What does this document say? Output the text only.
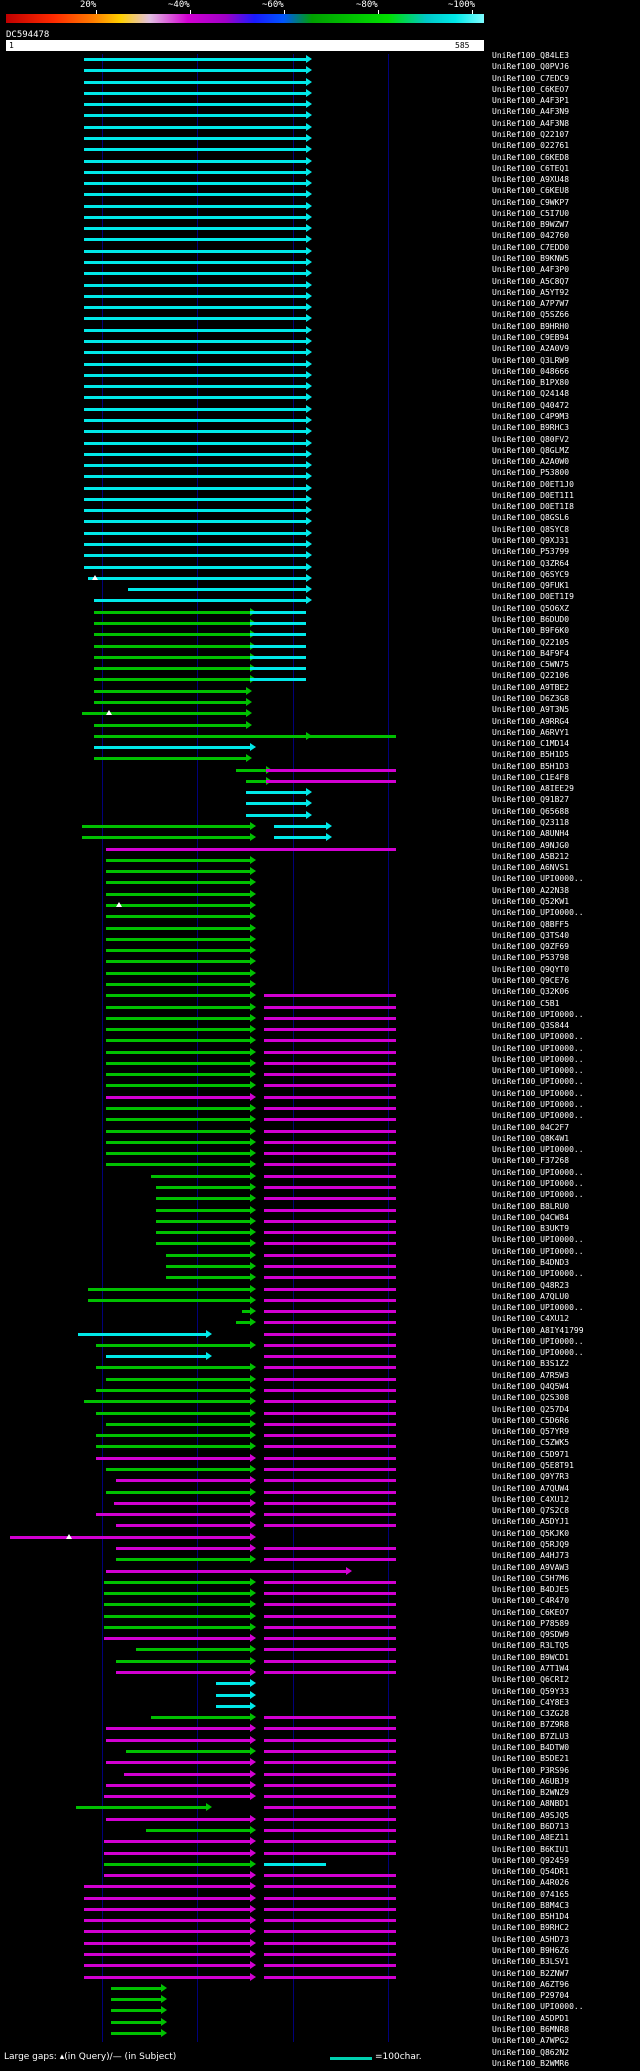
20%	~40%	~60%	~80%	~100%
DC594478
1	585
UniRef100_Q84LE3
UniRef100_Q0PVJ6
UniRef100_C7EDC9
UniRef100_C6KEO7
UniRef100_A4F3P1
UniRef100_A4F3N9
UniRef100_A4F3N8
UniRef100_Q22107
UniRef100_022761
UniRef100_C6KED8
UniRef100_C6TEQ1
UniRef100_A9XU48
UniRef100_C6KEU8
UniRef100_C9WKP7
UniRef100_C5I7U0
UniRef100_B9WZW7
UniRef100_042760
UniRef100_C7EDD0
UniRef100_B9KNW5
UniRef100_A4F3P0
UniRef100_A5C8Q7
UniRef100_A5YT92
UniRef100_A7P7W7
UniRef100_Q5SZ66
UniRef100_B9HRH0
UniRef100_C9EB94
UniRef100_A2A0V9
UniRef100_Q3LRW9
UniRef100_048666
UniRef100_B1PX80
UniRef100_Q24148
UniRef100_Q40472
UniRef100_C4P9M3
UniRef100_B9RHC3
UniRef100_Q80FV2
UniRef100_Q8GLMZ
UniRef100_A2A0W0
UniRef100_P53800
UniRef100_D0ET1J0
UniRef100_D0ET1I1
UniRef100_D0ET1I8
UniRef100_Q8GSL6
UniRef100_Q8SYC8
UniRef100_Q9XJ31
UniRef100_P53799
UniRef100_Q3ZR64
UniRef100_Q6SYC9
UniRef100_Q9FUK1
UniRef100_D0ET1I9
UniRef100_Q5O6XZ
UniRef100_B6DUD0
UniRef100_B9F6K0
UniRef100_Q22105
UniRef100_B4F9F4
UniRef100_C5WN75
UniRef100_Q22106
UniRef100_A9TBE2
UniRef100_D6Z3G8
UniRef100_A9T3N5
UniRef100_A9RRG4
UniRef100_A6RVY1
UniRef100_C1MD14
UniRef100_B5H1D5
UniRef100_B5H1D3
UniRef100_C1E4F8
UniRef100_A8IEE29
UniRef100_Q91B27
UniRef100_Q65688
UniRef100_Q23118
UniRef100_A8UNH4
UniRef100_A9NJG0
UniRef100_A5B212
UniRef100_A6NVS1
UniRef100_UPI0000..
UniRef100_A22N38
UniRef100_Q52KW1
UniRef100_UPI0000..
UniRef100_Q8BFF5
UniRef100_Q3TS40
UniRef100_Q9ZF69
UniRef100_P53798
UniRef100_Q9QYT0
UniRef100_Q9CE76
UniRef100_Q32K06
UniRef100_C5B1
UniRef100_UPI0000..
UniRef100_Q3S844
UniRef100_UPI0000..
UniRef100_UPI0000..
UniRef100_UPI0000..
UniRef100_UPI0000..
UniRef100_UPI0000..
UniRef100_UPI0000..
UniRef100_UPI0000..
UniRef100_UPI0000..
UniRef100_04C2F7
UniRef100_Q8K4W1
UniRef100_UPI0000..
UniRef100_F37268
UniRef100_UPI0000..
UniRef100_UPI0000..
UniRef100_UPI0000..
UniRef100_B8LRU0
UniRef100_Q4CW84
UniRef100_B3UKT9
UniRef100_UPI0000..
UniRef100_UPI0000..
UniRef100_B4DND3
UniRef100_UPI0000..
UniRef100_Q48R23
UniRef100_A7QLU0
UniRef100_UPI0000..
UniRef100_C4XU12
UniRef100_A8IY41799
UniRef100_UPI0000..
UniRef100_UPI0000..
UniRef100_B3S1Z2
UniRef100_A7R5W3
UniRef100_Q4Q5W4
UniRef100_Q2S308
UniRef100_Q257D4
UniRef100_C5D6R6
UniRef100_Q57YR9
UniRef100_C5ZWK5
UniRef100_C5D971
UniRef100_Q5E8T91
UniRef100_Q9Y7R3
UniRef100_A7QUW4
UniRef100_C4XU12
UniRef100_Q7S2C8
UniRef100_A5DYJ1
UniRef100_Q5KJK0
UniRef100_Q5RJQ9
UniRef100_A4HJ73
UniRef100_A9VAW3
UniRef100_C5H7M6
UniRef100_B4DJE5
UniRef100_C4R470
UniRef100_C6KEO7
UniRef100_P78589
UniRef100_Q9SDW9
UniRef100_R3LTQ5
UniRef100_B9WCD1
UniRef100_A7T1W4
UniRef100_Q6CRI2
UniRef100_Q59Y33
UniRef100_C4Y8E3
UniRef100_C3ZG28
UniRef100_B7Z9R8
UniRef100_B7ZLU3
UniRef100_B4DTW0
UniRef100_B5DE21
UniRef100_P3RS96
UniRef100_A6UBJ9
UniRef100_B2WNZ9
UniRef100_A8NBD1
UniRef100_A9SJQ5
UniRef100_B6D713
UniRef100_A8EZ11
UniRef100_B6KIU1
UniRef100_Q92459
UniRef100_Q54DR1
UniRef100_A4R026
UniRef100_074165
UniRef100_B8M4C3
UniRef100_B5H1D4
UniRef100_B9RHC2
UniRef100_A5HD73
UniRef100_B9H6Z6
UniRef100_B3LSV1
UniRef100_B2ZNW7
UniRef100_A6ZT96
UniRef100_P29704
UniRef100_UPI0000..
UniRef100_A5DPD1
UniRef100_B6MNR8
UniRef100_A7WPG2
UniRef100_Q862N2
UniRef100_B2WMR6
Large gaps: ▴(in Query)/— (in Subject)	=100char.
